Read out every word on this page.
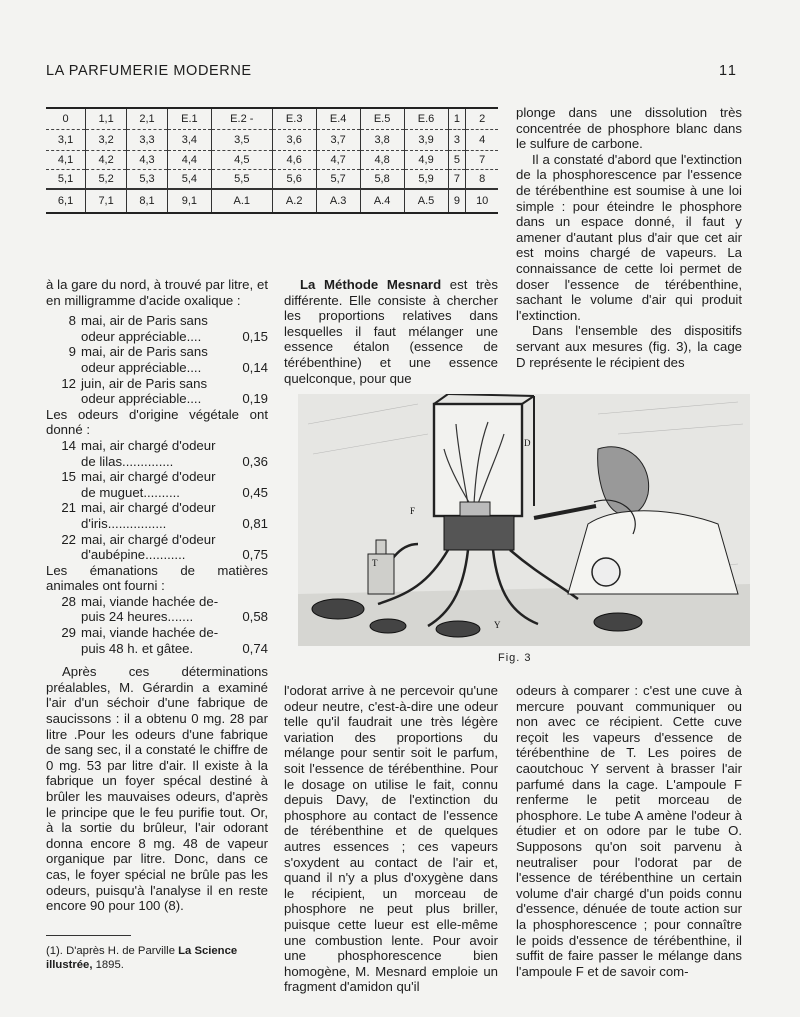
LA PARFUMERIE MODERNE	11
0	1,1	2,1	E.1	E.2 -	E.3	E.4	E.5	E.6	1	2
3,1	3,2	3,3	3,4	3,5	3,6	3,7	3,8	3,9	3	4
4,1	4,2	4,3	4,4	4,5	4,6	4,7	4,8	4,9	5	7
5,1	5,2	5,3	5,4	5,5	5,6	5,7	5,8	5,9	7	8
6,1	7,1	8,1	9,1	A.1	A.2	A.3	A.4	A.5	9	10

à la gare du nord, à trouvé par litre, et en milligramme d'acide oxalique :

8 mai, air de Paris sans
odeur appréciable....	0,15
9 mai, air de Paris sans
odeur appréciable....	0,14
12 juin, air de Paris sans
odeur appréciable....	0,19

Les odeurs d'origine végétale ont donné :

14 mai, air chargé d'odeur
de lilas..............	0,36
15 mai, air chargé d'odeur
de muguet..........	0,45
21 mai, air chargé d'odeur
d'iris................	0,81
22 mai, air chargé d'odeur
d'aubépine...........	0,75

Les émanations de matières animales ont fourni :

28 mai, viande hachée de-
puis 24 heures.......	0,58
29 mai, viande hachée de-
puis 48 h. et gâtee.	0,74

Après ces déterminations préalables, M. Gérardin a examiné l'air d'un séchoir d'une fabrique de saucissons : il a obtenu 0 mg. 28 par litre .Pour les odeurs d'une fabrique de sang sec, il a constaté le chiffre de 0 mg. 53 par litre d'air. Il existe à la fabrique un foyer spécal destiné à brûler les mauvaises odeurs, d'après le principe que le feu purifie tout. Or, à la sortie du brûleur, l'air odorant donna encore 8 mg. 48 de vapeur organique par litre. Donc, dans ce cas, le foyer spécial ne brûle pas les odeurs, puisqu'à l'analyse il en reste encore 90 pour 100 (8).

(1). D'après H. de Parville La Science illustrée, 1895.

La Méthode Mesnard est très différente. Elle consiste à chercher les proportions relatives dans lesquelles il faut mélanger une essence étalon (essence de térébenthine) et une essence quelconque, pour que

plonge dans une dissolution très concentrée de phosphore blanc dans le sulfure de carbone.

Il a constaté d'abord que l'extinction de la phosphorescence par l'essence de térébenthine est soumise à une loi simple : pour éteindre le phosphore dans un espace donné, il faut y amener d'autant plus d'air que cet air est moins chargé de vapeurs. La connaissance de cette loi permet de doser l'essence de térébenthine, sachant le volume d'air qui produit l'extinction.

Dans l'ensemble des dispositifs servant aux mesures (fig. 3), la cage D représente le récipient des

D
F
T
Y
Fig. 3

l'odorat arrive à ne percevoir qu'une odeur neutre, c'est-à-dire une odeur telle qu'il faudrait une très légère variation des proportions du mélange pour sentir soit le parfum, soit l'essence de térébenthine. Pour le dosage on utilise le fait, connu depuis Davy, de l'extinction du phosphore au contact de l'essence de térébenthine et de quelques autres essences ; ces vapeurs s'oxydent au contact de l'air et, quand il n'y a plus d'oxygène dans le récipient, un morceau de phosphore ne peut plus briller, puisque cette lueur est elle-même une combustion lente. Pour avoir une phosphorescence bien homogène, M. Mesnard emploie un fragment d'amidon qu'il

odeurs à comparer : c'est une cuve à mercure pouvant communiquer ou non avec ce récipient. Cette cuve reçoit les vapeurs d'essence de térébenthine de T. Les poires de caoutchouc Y servent à brasser l'air parfumé dans la cage. L'ampoule F renferme le petit morceau de phosphore. Le tube A amène l'odeur à étudier et on odore par le tube O. Supposons qu'on soit parvenu à neutraliser pour l'odorat par de l'essence de térébenthine un certain volume d'air chargé d'un poids connu d'essence, dénuée de toute action sur la phosphorescence ; pour connaître le poids d'essence de térébenthine, il suffit de faire passer le mélange dans l'ampoule F et de savoir com-
